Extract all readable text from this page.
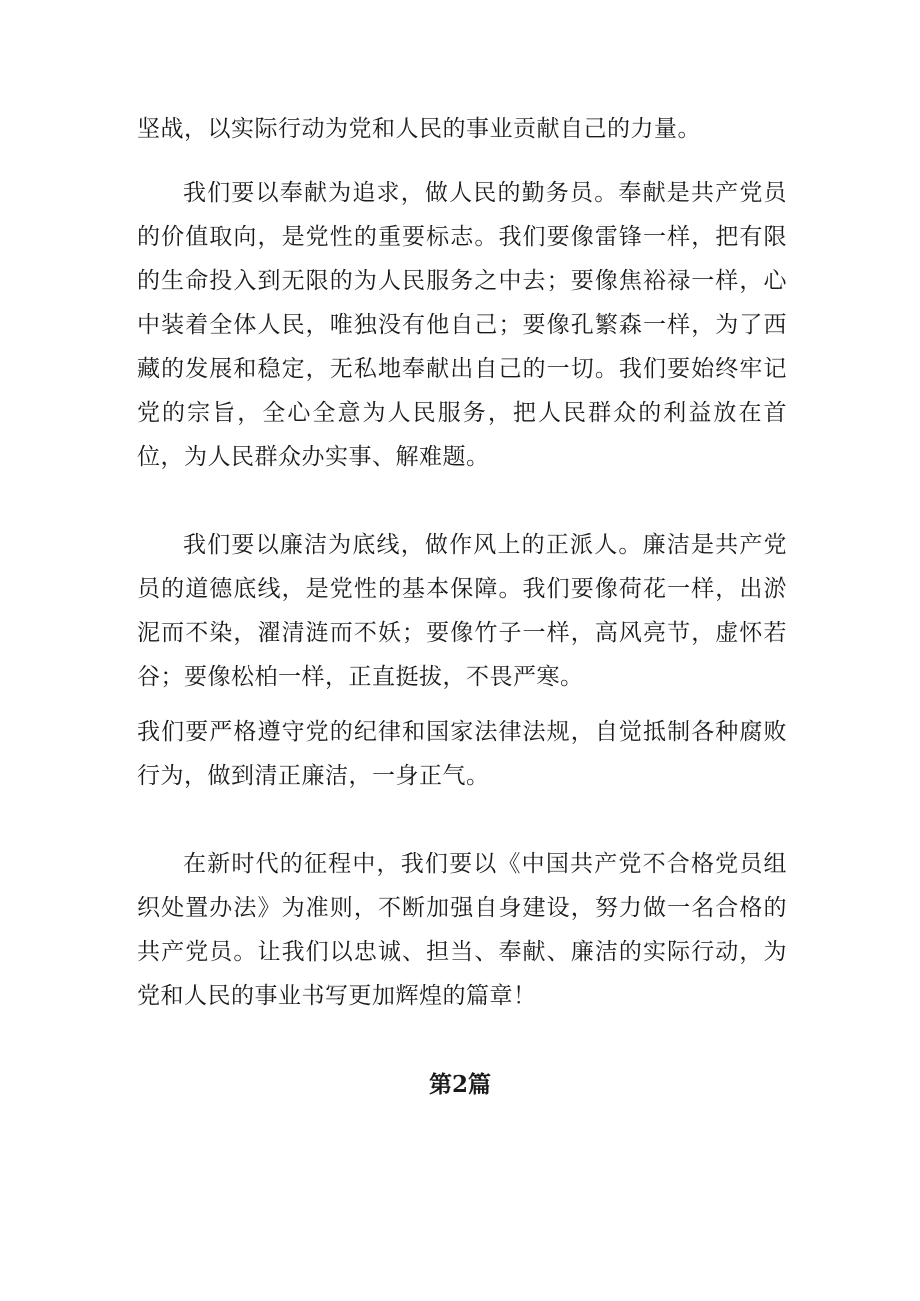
坚战，以实际行动为党和人民的事业贡献自己的力量。

我们要以奉献为追求，做人民的勤务员。奉献是共产党员的价值取向，是党性的重要标志。我们要像雷锋一样，把有限的生命投入到无限的为人民服务之中去；要像焦裕禄一样，心中装着全体人民，唯独没有他自己；要像孔繁森一样，为了西藏的发展和稳定，无私地奉献出自己的一切。我们要始终牢记党的宗旨，全心全意为人民服务，把人民群众的利益放在首位，为人民群众办实事、解难题。

我们要以廉洁为底线，做作风上的正派人。廉洁是共产党员的道德底线，是党性的基本保障。我们要像荷花一样，出淤泥而不染，濯清涟而不妖；要像竹子一样，高风亮节，虚怀若谷；要像松柏一样，正直挺拔，不畏严寒。

我们要严格遵守党的纪律和国家法律法规，自觉抵制各种腐败行为，做到清正廉洁，一身正气。

在新时代的征程中，我们要以《中国共产党不合格党员组织处置办法》为准则，不断加强自身建设，努力做一名合格的共产党员。让我们以忠诚、担当、奉献、廉洁的实际行动，为党和人民的事业书写更加辉煌的篇章！

第2篇
